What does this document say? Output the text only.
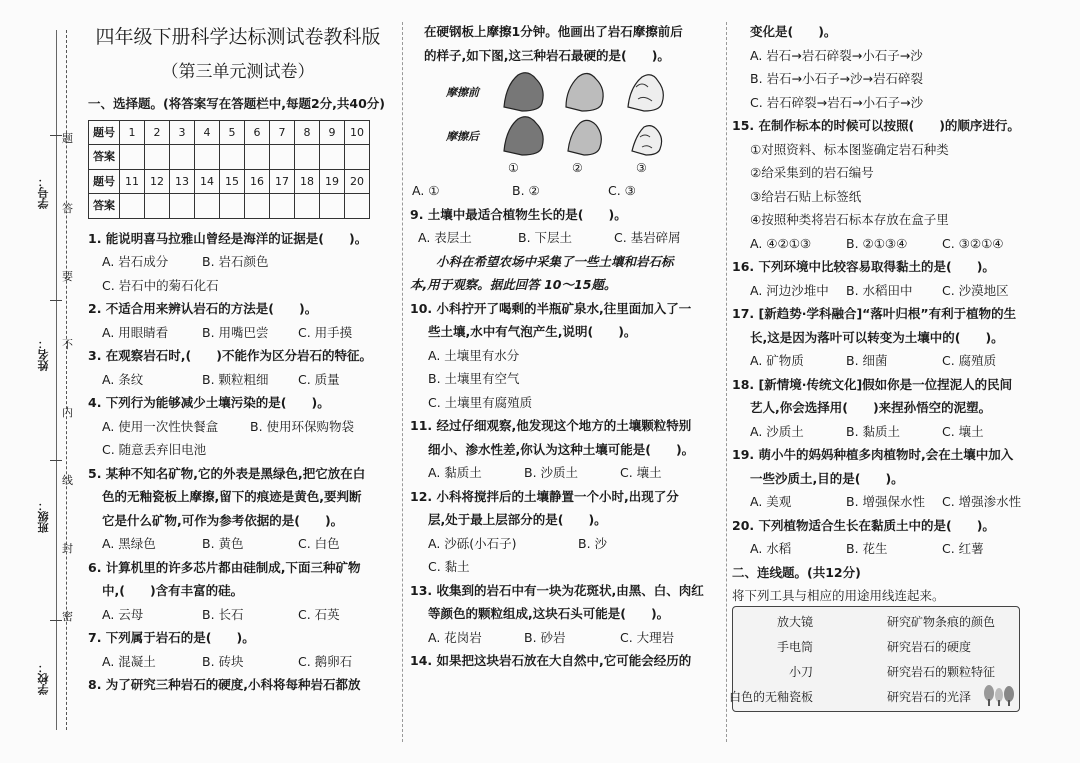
学号：
姓名：
班级：
学校：
题
答
要
不
内
线
封
密
四年级下册科学达标测试卷教科版
（第三单元测试卷）
一、选择题。(将答案写在答题栏中,每题2分,共40分)
题号	1	2	3	4	5	6	7	8	9	10
答案										
题号	11	12	13	14	15	16	17	18	19	20
答案										
1. 能说明喜马拉雅山曾经是海洋的证据是(　　)。
A. 岩石成分	B. 岩石颜色
C. 岩石中的菊石化石
2. 不适合用来辨认岩石的方法是(　　)。
A. 用眼睛看	B. 用嘴巴尝 C. 用手摸
3. 在观察岩石时,(　　)不能作为区分岩石的特征。
A. 条纹	B. 颗粒粗细 C. 质量
4. 下列行为能够减少土壤污染的是(　　)。
A. 使用一次性快餐盒	B. 使用环保购物袋
C. 随意丢弃旧电池
5. 某种不知名矿物,它的外表是黑绿色,把它放在白
色的无釉瓷板上摩擦,留下的痕迹是黄色,要判断
它是什么矿物,可作为参考依据的是(　　)。
A. 黑绿色	B. 黄色	C. 白色
6. 计算机里的许多芯片都由硅制成,下面三种矿物
中,(　　)含有丰富的硅。
A. 云母	B. 长石	C. 石英
7. 下列属于岩石的是(　　)。
A. 混凝土	B. 砖块	C. 鹅卵石
8. 为了研究三种岩石的硬度,小科将每种岩石都放
在硬钢板上摩擦1分钟。他画出了岩石摩擦前后
的样子,如下图,这三种岩石最硬的是(　　)。
摩擦前
摩擦后
①	②	③
A. ①	B. ②	C. ③
9. 土壤中最适合植物生长的是(　　)。
A. 表层土	B. 下层土	C. 基岩碎屑
小科在希望农场中采集了一些土壤和岩石标
本,用于观察。据此回答 10～15题。
10. 小科拧开了喝剩的半瓶矿泉水,往里面加入了一
些土壤,水中有气泡产生,说明(　　)。
A. 土壤里有水分
B. 土壤里有空气
C. 土壤里有腐殖质
11. 经过仔细观察,他发现这个地方的土壤颗粒特别
细小、渗水性差,你认为这种土壤可能是(　　)。
A. 黏质土	B. 沙质土	C. 壤土
12. 小科将搅拌后的土壤静置一个小时,出现了分
层,处于最上层部分的是(　　)。
A. 沙砾(小石子)	B. 沙
C. 黏土
13. 收集到的岩石中有一块为花斑状,由黑、白、肉红
等颜色的颗粒组成,这块石头可能是(　　)。
A. 花岗岩	B. 砂岩	C. 大理岩
14. 如果把这块岩石放在大自然中,它可能会经历的
变化是(　　)。
A. 岩石→岩石碎裂→小石子→沙
B. 岩石→小石子→沙→岩石碎裂
C. 岩石碎裂→岩石→小石子→沙
15. 在制作标本的时候可以按照(　　)的顺序进行。
①对照资料、标本图鉴确定岩石种类
②给采集到的岩石编号
③给岩石贴上标签纸
④按照种类将岩石标本存放在盒子里
A. ④②①③	B. ②①③④	C. ③②①④
16. 下列环境中比较容易取得黏土的是(　　)。
A. 河边沙堆中 B. 水稻田中 C. 沙漠地区
17. [新趋势·学科融合]“落叶归根”有利于植物的生
长,这是因为落叶可以转变为土壤中的(　　)。
A. 矿物质	B. 细菌	C. 腐殖质
18. [新情境·传统文化]假如你是一位捏泥人的民间
艺人,你会选择用(　　)来捏孙悟空的泥塑。
A. 沙质土	B. 黏质土	C. 壤土
19. 萌小牛的妈妈种植多肉植物时,会在土壤中加入
一些沙质土,目的是(　　)。
A. 美观	B. 增强保水性 C. 增强渗水性
20. 下列植物适合生长在黏质土中的是(　　)。
A. 水稻	B. 花生	C. 红薯
二、连线题。(共12分)
将下列工具与相应的用途用线连起来。
放大镜
手电筒
小刀
白色的无釉瓷板
研究矿物条痕的颜色
研究岩石的硬度
研究岩石的颗粒特征
研究岩石的光泽
